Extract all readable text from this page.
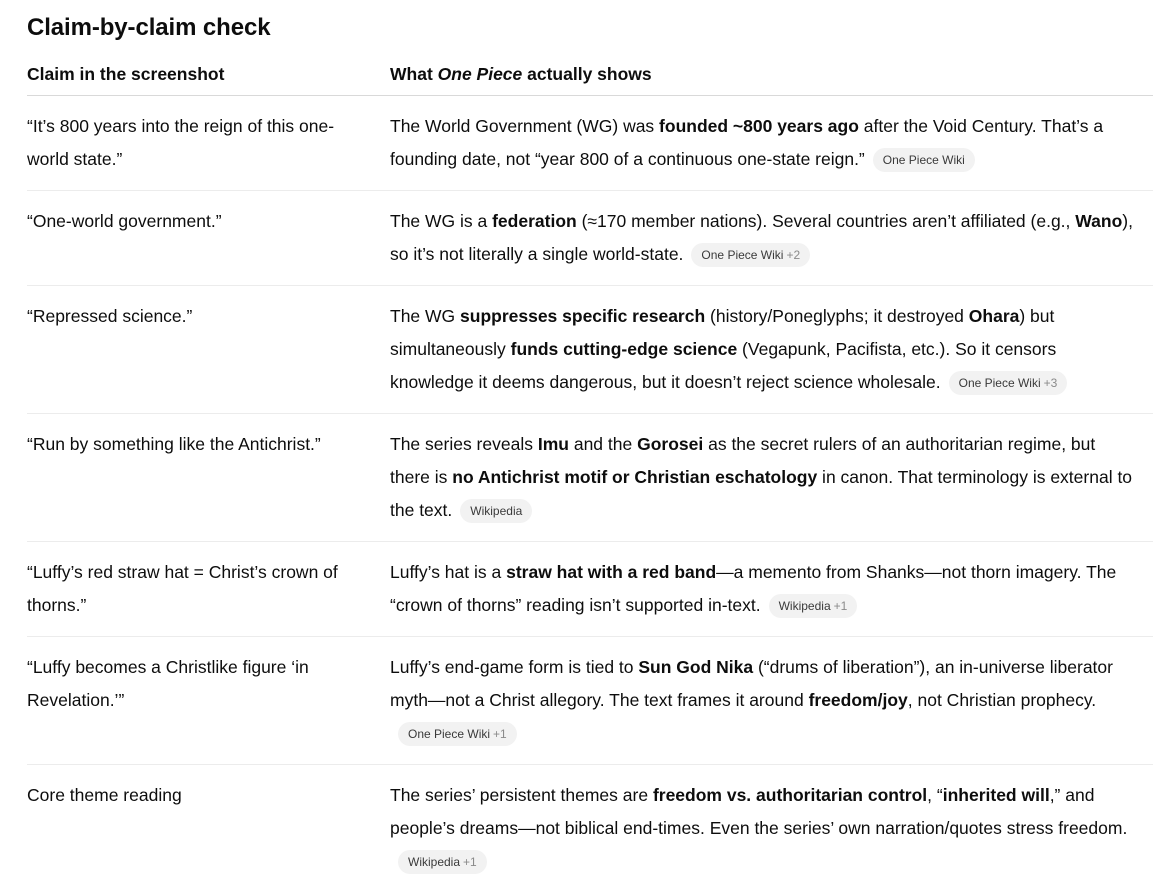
Claim-by-claim check
Claim in the screenshot	What One Piece actually shows
“It’s 800 years into the reign of this one-world state.”	The World Government (WG) was founded ~800 years ago after the Void Century. That’s a founding date, not “year 800 of a continuous one-state reign.” One Piece Wiki
“One-world government.”	The WG is a federation (≈170 member nations). Several countries aren’t affiliated (e.g., Wano), so it’s not literally a single world-state. One Piece Wiki +2
“Repressed science.”	The WG suppresses specific research (history/Poneglyphs; it destroyed Ohara) but simultaneously funds cutting-edge science (Vegapunk, Pacifista, etc.). So it censors knowledge it deems dangerous, but it doesn’t reject science wholesale. One Piece Wiki +3
“Run by something like the Antichrist.”	The series reveals Imu and the Gorosei as the secret rulers of an authoritarian regime, but there is no Antichrist motif or Christian eschatology in canon. That terminology is external to the text. Wikipedia
“Luffy’s red straw hat = Christ’s crown of thorns.”	Luffy’s hat is a straw hat with a red band—a memento from Shanks—not thorn imagery. The “crown of thorns” reading isn’t supported in-text. Wikipedia +1
“Luffy becomes a Christlike figure ‘in Revelation.’”	Luffy’s end-game form is tied to Sun God Nika (“drums of liberation”), an in-universe liberator myth—not a Christ allegory. The text frames it around freedom/joy, not Christian prophecy.One Piece Wiki +1
Core theme reading	The series’ persistent themes are freedom vs. authoritarian control, “inherited will,” and people’s dreams—not biblical end-times. Even the series’ own narration/quotes stress freedom.Wikipedia +1
